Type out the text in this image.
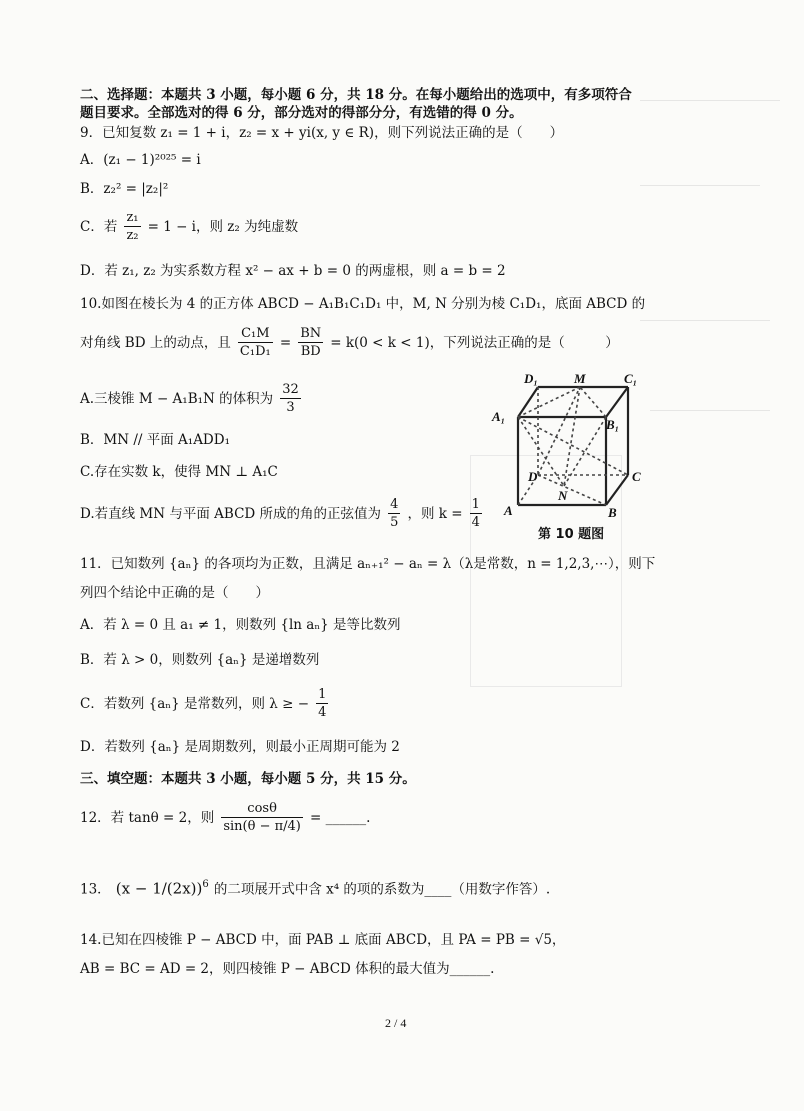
二、选择题：本题共 3 小题，每小题 6 分，共 18 分。在每小题给出的选项中，有多项符合
题目要求。全部选对的得 6 分，部分选对的得部分分，有选错的得 0 分。
9．已知复数 z₁ = 1 + i，z₂ = x + yi(x, y ∈ R)，则下列说法正确的是（　　）
A．(z₁ − 1)²⁰²⁵ = i
B．z₂² = |z₂|²
C．若 $\frac{\text{z₁}}{\text{z₂}} = 1 - i$，则 z₂ 为纯虚数
D．若 z₁, z₂ 为实系数方程 x² − ax + b = 0 的两虚根，则 a = b = 2
10.如图在棱长为 4 的正方体 ABCD − A₁B₁C₁D₁ 中，M, N 分别为棱 C₁D₁，底面 ABCD 的
对角线 BD 上的动点，且 $\frac{\text{C₁M}}{\text{C₁D₁}} = \frac{BN}{BD} = k(0 < k < 1)$，下列说法正确的是（　　　）
A.三棱锥 M − A₁B₁N 的体积为 $\frac{32}{3}$
B．MN // 平面 A₁ADD₁
C.存在实数 k，使得 MN ⊥ A₁C
D.若直线 MN 与平面 ABCD 所成的角的正弦值为 $\frac{4}{5}$ ，则 $k = \frac{1}{4}$
D₁	M	C₁
A₁
B₁
D	C
N
A	B
第 10 题图
11．已知数列 {aₙ} 的各项均为正数，且满足 aₙ₊₁² − aₙ = λ（λ是常数，n = 1,2,3,⋯），则下
列四个结论中正确的是（　　）
A．若 λ = 0 且 a₁ ≠ 1，则数列 {ln aₙ} 是等比数列
B．若 λ > 0，则数列 {aₙ} 是递增数列
C．若数列 {aₙ} 是常数列，则 λ ≥ − $\frac{1}{4}$
D．若数列 {aₙ} 是周期数列，则最小正周期可能为 2
三、填空题：本题共 3 小题，每小题 5 分，共 15 分。
12．若 tanθ = 2，则 $\frac{\cos\theta}{\sin(\theta - \pi/4)}$ = ______.
13． $(x - 1/(2x))^6$ 的二项展开式中含 x⁴ 的项的系数为____（用数字作答）.
14.已知在四棱锥 P − ABCD 中，面 PAB ⊥ 底面 ABCD，且 PA = PB = √5，
AB = BC = AD = 2，则四棱锥 P − ABCD 体积的最大值为______.
2 / 4
